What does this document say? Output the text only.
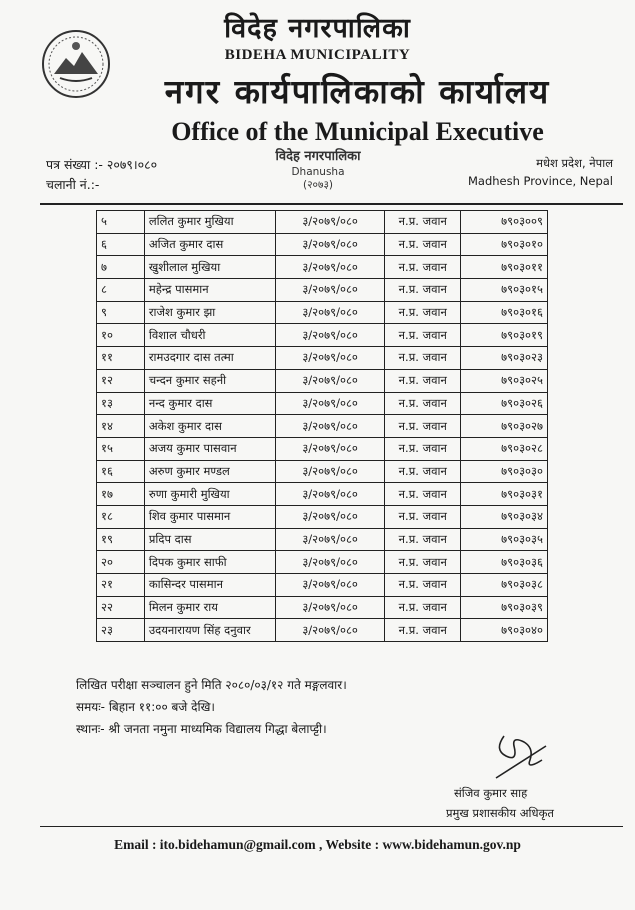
विदेह नगरपालिका
BIDEHA MUNICIPALITY
नगर कार्यपालिकाको कार्यालय
Office of the Municipal Executive
पत्र संख्या :- २०७९।०८०
चलानी नं.:-
विदेह नगरपालिका
Dhanusha
(२०७३)
मधेश प्रदेश, नेपाल
Madhesh Province, Nepal
५	ललित कुमार मुखिया	३/२०७९/०८०	न.प्र. जवान	७९०३००९
६	अजित कुमार दास	३/२०७९/०८०	न.प्र. जवान	७९०३०१०
७	खुशीलाल मुखिया	३/२०७९/०८०	न.प्र. जवान	७९०३०११
८	महेन्द्र पासमान	३/२०७९/०८०	न.प्र. जवान	७९०३०१५
९	राजेश कुमार झा	३/२०७९/०८०	न.प्र. जवान	७९०३०१६
१०	विशाल चौधरी	३/२०७९/०८०	न.प्र. जवान	७९०३०१९
११	रामउदगार दास तत्मा	३/२०७९/०८०	न.प्र. जवान	७९०३०२३
१२	चन्दन कुमार सहनी	३/२०७९/०८०	न.प्र. जवान	७९०३०२५
१३	नन्द कुमार दास	३/२०७९/०८०	न.प्र. जवान	७९०३०२६
१४	अकेश कुमार दास	३/२०७९/०८०	न.प्र. जवान	७९०३०२७
१५	अजय कुमार पासवान	३/२०७९/०८०	न.प्र. जवान	७९०३०२८
१६	अरुण कुमार मण्डल	३/२०७९/०८०	न.प्र. जवान	७९०३०३०
१७	रुणा कुमारी मुखिया	३/२०७९/०८०	न.प्र. जवान	७९०३०३१
१८	शिव कुमार पासमान	३/२०७९/०८०	न.प्र. जवान	७९०३०३४
१९	प्रदिप दास	३/२०७९/०८०	न.प्र. जवान	७९०३०३५
२०	दिपक कुमार साफी	३/२०७९/०८०	न.प्र. जवान	७९०३०३६
२१	कासिन्दर पासमान	३/२०७९/०८०	न.प्र. जवान	७९०३०३८
२२	मिलन कुमार राय	३/२०७९/०८०	न.प्र. जवान	७९०३०३९
२३	उदयनारायण सिंह दनुवार	३/२०७९/०८०	न.प्र. जवान	७९०३०४०
लिखित परीक्षा सञ्चालन हुने मिति २०८०/०३/१२ गते मङ्गलवार।
समयः- बिहान ११:०० बजे देखि।
स्थानः- श्री जनता नमुना माध्यमिक विद्यालय गिद्धा बेलाप्ट्टी।
संजिव कुमार साह
प्रमुख प्रशासकीय अधिकृत
Email : ito.bidehamun@gmail.com , Website : www.bidehamun.gov.np
